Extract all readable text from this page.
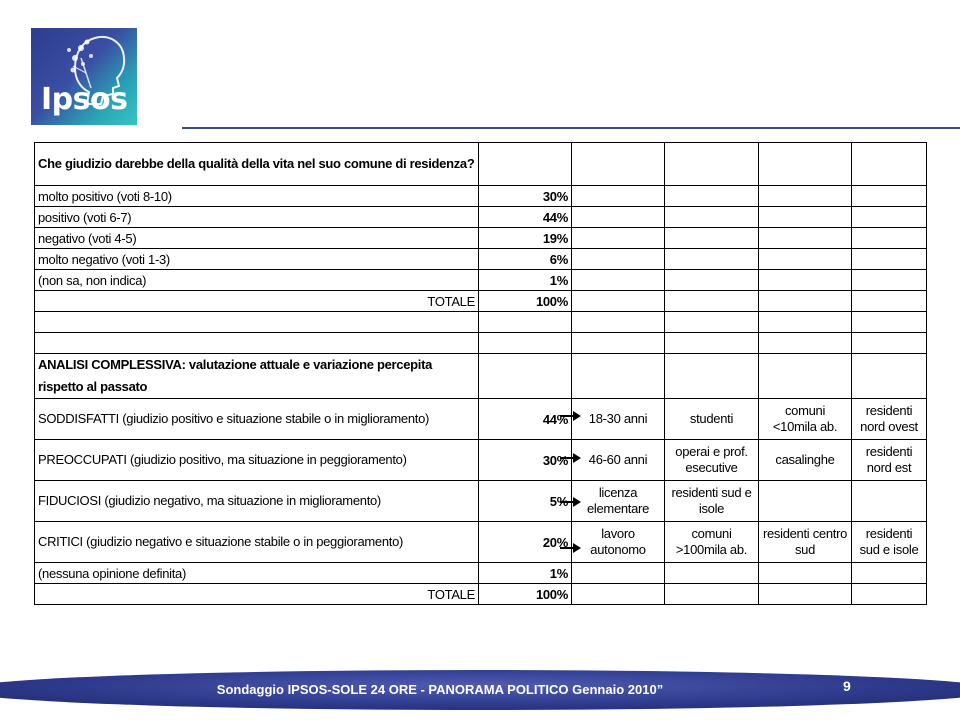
Ipsos
Che giudizio darebbe della qualità della vita nel suo comune di residenza?					
molto positivo (voti 8-10)	30%				
positivo (voti 6-7)	44%				
negativo (voti 4-5)	19%				
molto negativo (voti 1-3)	6%				
(non sa, non indica)	1%				
TOTALE	100%				

ANALISI COMPLESSIVA: valutazione attuale e variazione percepita rispetto al passato					
SODDISFATTI (giudizio positivo e situazione stabile o in miglioramento)	44%	18-30 anni	studenti	comuni <10mila ab.	residenti nord ovest
PREOCCUPATI (giudizio positivo, ma situazione in peggioramento)	30%	46-60 anni	operai e prof. esecutive	casalinghe	residenti nord est
FIDUCIOSI (giudizio negativo, ma situazione in miglioramento)	5%	licenza elementare	residenti sud e isole		
CRITICI (giudizio negativo e situazione stabile o in peggioramento)	20%	lavoro autonomo	comuni >100mila ab.	residenti centro sud	residenti sud e isole
(nessuna opinione definita)	1%				
TOTALE	100%				
Sondaggio IPSOS-SOLE 24 ORE - PANORAMA POLITICO Gennaio 2010”	9
